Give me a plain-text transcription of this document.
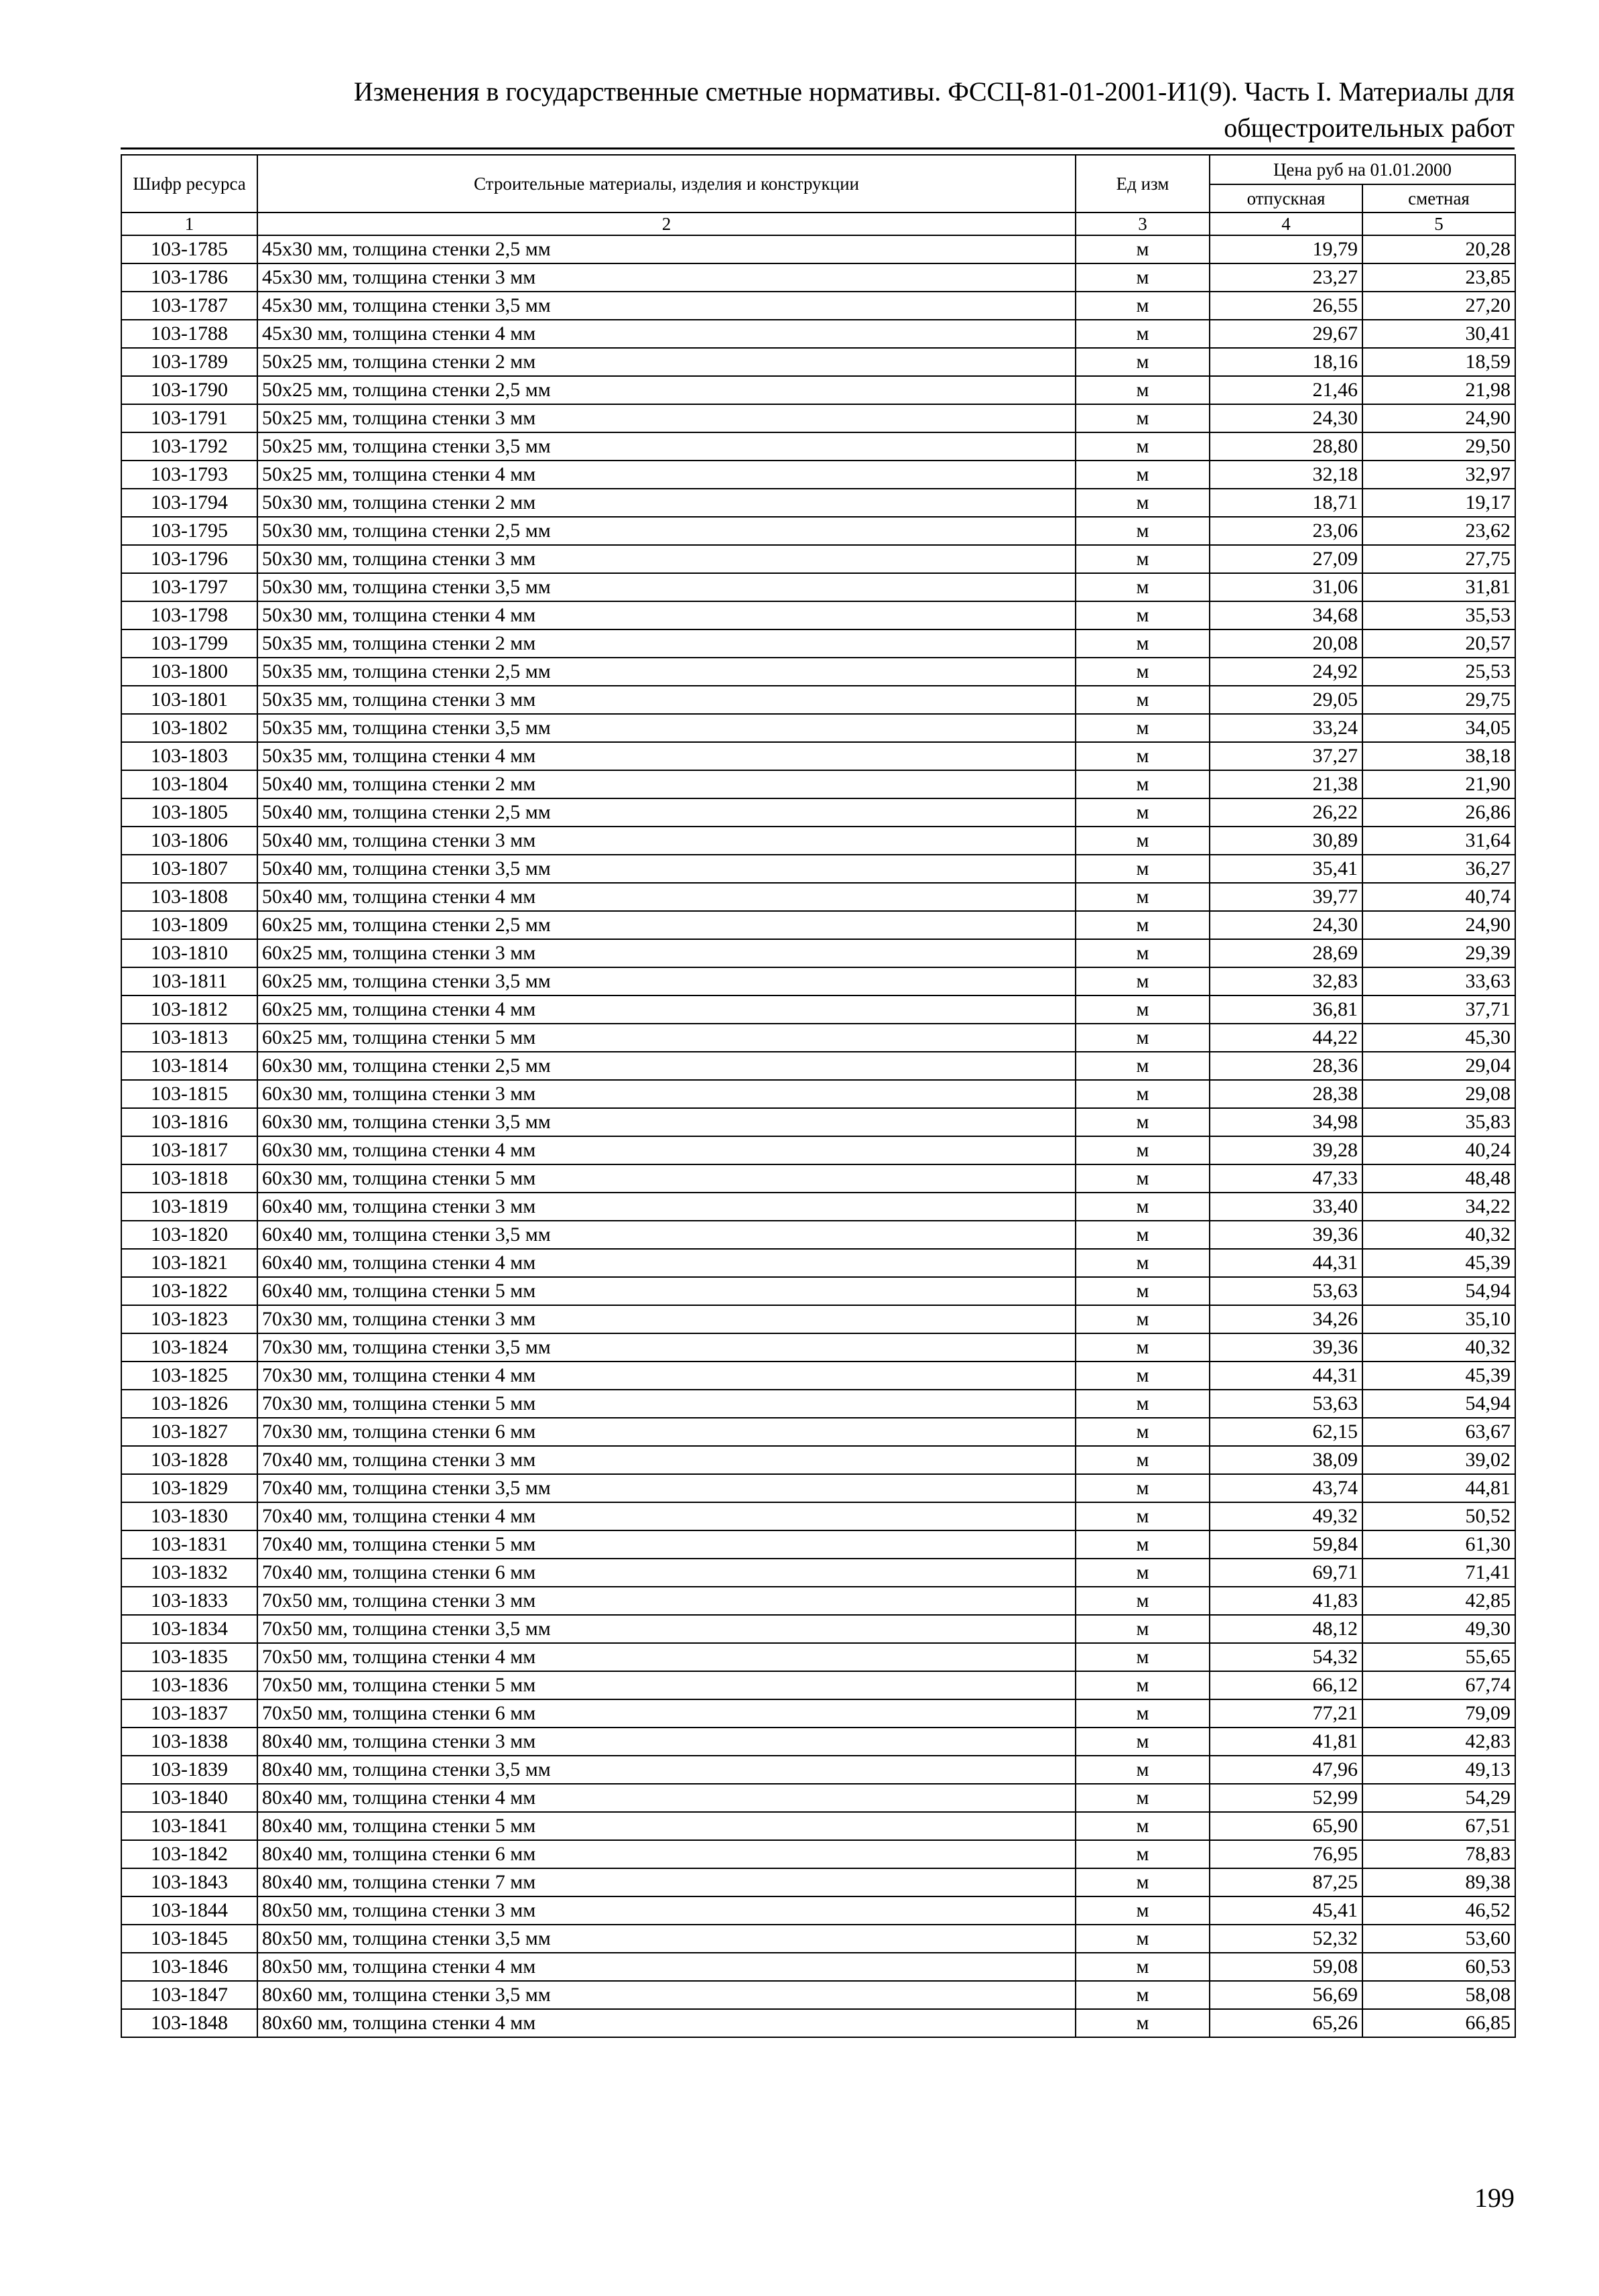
Изменения в государственные сметные нормативы. ФССЦ-81-01-2001-И1(9). Часть I. Материалы для
общестроительных работ
Шифр ресурса	Строительные материалы, изделия и конструкции	Ед изм	Цена руб на 01.01.2000	
			отпускная	сметная
1	2	3	4	5
103-1785	45x30 мм, толщина стенки 2,5 мм	м	19,79	20,28
103-1786	45x30 мм, толщина стенки 3 мм	м	23,27	23,85
103-1787	45x30 мм, толщина стенки 3,5 мм	м	26,55	27,20
103-1788	45x30 мм, толщина стенки 4 мм	м	29,67	30,41
103-1789	50x25 мм, толщина стенки 2 мм	м	18,16	18,59
103-1790	50x25 мм, толщина стенки 2,5 мм	м	21,46	21,98
103-1791	50x25 мм, толщина стенки 3 мм	м	24,30	24,90
103-1792	50x25 мм, толщина стенки 3,5 мм	м	28,80	29,50
103-1793	50x25 мм, толщина стенки 4 мм	м	32,18	32,97
103-1794	50x30 мм, толщина стенки 2 мм	м	18,71	19,17
103-1795	50x30 мм, толщина стенки 2,5 мм	м	23,06	23,62
103-1796	50x30 мм, толщина стенки 3 мм	м	27,09	27,75
103-1797	50x30 мм, толщина стенки 3,5 мм	м	31,06	31,81
103-1798	50x30 мм, толщина стенки 4 мм	м	34,68	35,53
103-1799	50x35 мм, толщина стенки 2 мм	м	20,08	20,57
103-1800	50x35 мм, толщина стенки 2,5 мм	м	24,92	25,53
103-1801	50x35 мм, толщина стенки 3 мм	м	29,05	29,75
103-1802	50x35 мм, толщина стенки 3,5 мм	м	33,24	34,05
103-1803	50x35 мм, толщина стенки 4 мм	м	37,27	38,18
103-1804	50x40 мм, толщина стенки 2 мм	м	21,38	21,90
103-1805	50x40 мм, толщина стенки 2,5 мм	м	26,22	26,86
103-1806	50x40 мм, толщина стенки 3 мм	м	30,89	31,64
103-1807	50x40 мм, толщина стенки 3,5 мм	м	35,41	36,27
103-1808	50x40 мм, толщина стенки 4 мм	м	39,77	40,74
103-1809	60x25 мм, толщина стенки 2,5 мм	м	24,30	24,90
103-1810	60x25 мм, толщина стенки 3 мм	м	28,69	29,39
103-1811	60x25 мм, толщина стенки 3,5 мм	м	32,83	33,63
103-1812	60x25 мм, толщина стенки 4 мм	м	36,81	37,71
103-1813	60x25 мм, толщина стенки 5 мм	м	44,22	45,30
103-1814	60x30 мм, толщина стенки 2,5 мм	м	28,36	29,04
103-1815	60x30 мм, толщина стенки 3 мм	м	28,38	29,08
103-1816	60x30 мм, толщина стенки 3,5 мм	м	34,98	35,83
103-1817	60x30 мм, толщина стенки 4 мм	м	39,28	40,24
103-1818	60x30 мм, толщина стенки 5 мм	м	47,33	48,48
103-1819	60x40 мм, толщина стенки 3 мм	м	33,40	34,22
103-1820	60x40 мм, толщина стенки 3,5 мм	м	39,36	40,32
103-1821	60x40 мм, толщина стенки 4 мм	м	44,31	45,39
103-1822	60x40 мм, толщина стенки 5 мм	м	53,63	54,94
103-1823	70x30 мм, толщина стенки 3 мм	м	34,26	35,10
103-1824	70x30 мм, толщина стенки 3,5 мм	м	39,36	40,32
103-1825	70x30 мм, толщина стенки 4 мм	м	44,31	45,39
103-1826	70x30 мм, толщина стенки 5 мм	м	53,63	54,94
103-1827	70x30 мм, толщина стенки 6 мм	м	62,15	63,67
103-1828	70x40 мм, толщина стенки 3 мм	м	38,09	39,02
103-1829	70x40 мм, толщина стенки 3,5 мм	м	43,74	44,81
103-1830	70x40 мм, толщина стенки 4 мм	м	49,32	50,52
103-1831	70x40 мм, толщина стенки 5 мм	м	59,84	61,30
103-1832	70x40 мм, толщина стенки 6 мм	м	69,71	71,41
103-1833	70x50 мм, толщина стенки 3 мм	м	41,83	42,85
103-1834	70x50 мм, толщина стенки 3,5 мм	м	48,12	49,30
103-1835	70x50 мм, толщина стенки 4 мм	м	54,32	55,65
103-1836	70x50 мм, толщина стенки 5 мм	м	66,12	67,74
103-1837	70x50 мм, толщина стенки 6 мм	м	77,21	79,09
103-1838	80x40 мм, толщина стенки 3 мм	м	41,81	42,83
103-1839	80x40 мм, толщина стенки 3,5 мм	м	47,96	49,13
103-1840	80x40 мм, толщина стенки 4 мм	м	52,99	54,29
103-1841	80x40 мм, толщина стенки 5 мм	м	65,90	67,51
103-1842	80x40 мм, толщина стенки 6 мм	м	76,95	78,83
103-1843	80x40 мм, толщина стенки 7 мм	м	87,25	89,38
103-1844	80x50 мм, толщина стенки 3 мм	м	45,41	46,52
103-1845	80x50 мм, толщина стенки 3,5 мм	м	52,32	53,60
103-1846	80x50 мм, толщина стенки 4 мм	м	59,08	60,53
103-1847	80x60 мм, толщина стенки 3,5 мм	м	56,69	58,08
103-1848	80x60 мм, толщина стенки 4 мм	м	65,26	66,85
199
